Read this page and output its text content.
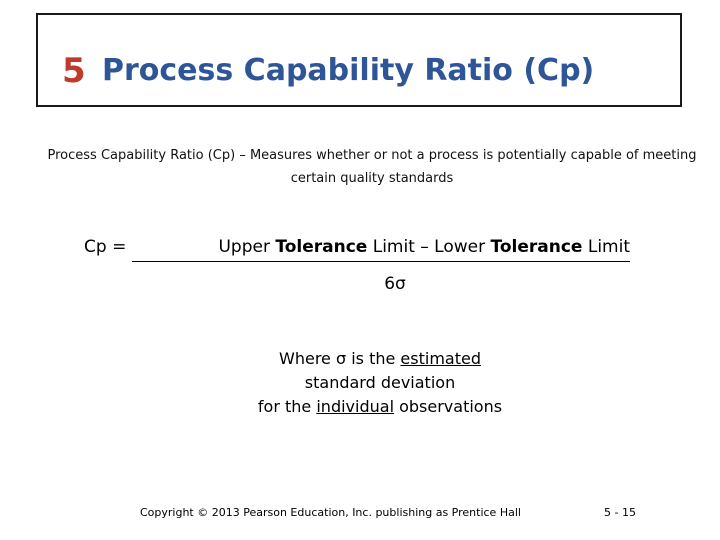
5 Process Capability Ratio (Cp)
Process Capability Ratio (Cp) – Measures whether or not a process is potentially capable of meeting certain quality standards
Cp =	Upper Tolerance Limit – Lower Tolerance Limit
6σ
Where σ is the estimated
standard deviation
for the individual observations
Copyright © 2013 Pearson Education, Inc. publishing as Prentice Hall	5 - 15
